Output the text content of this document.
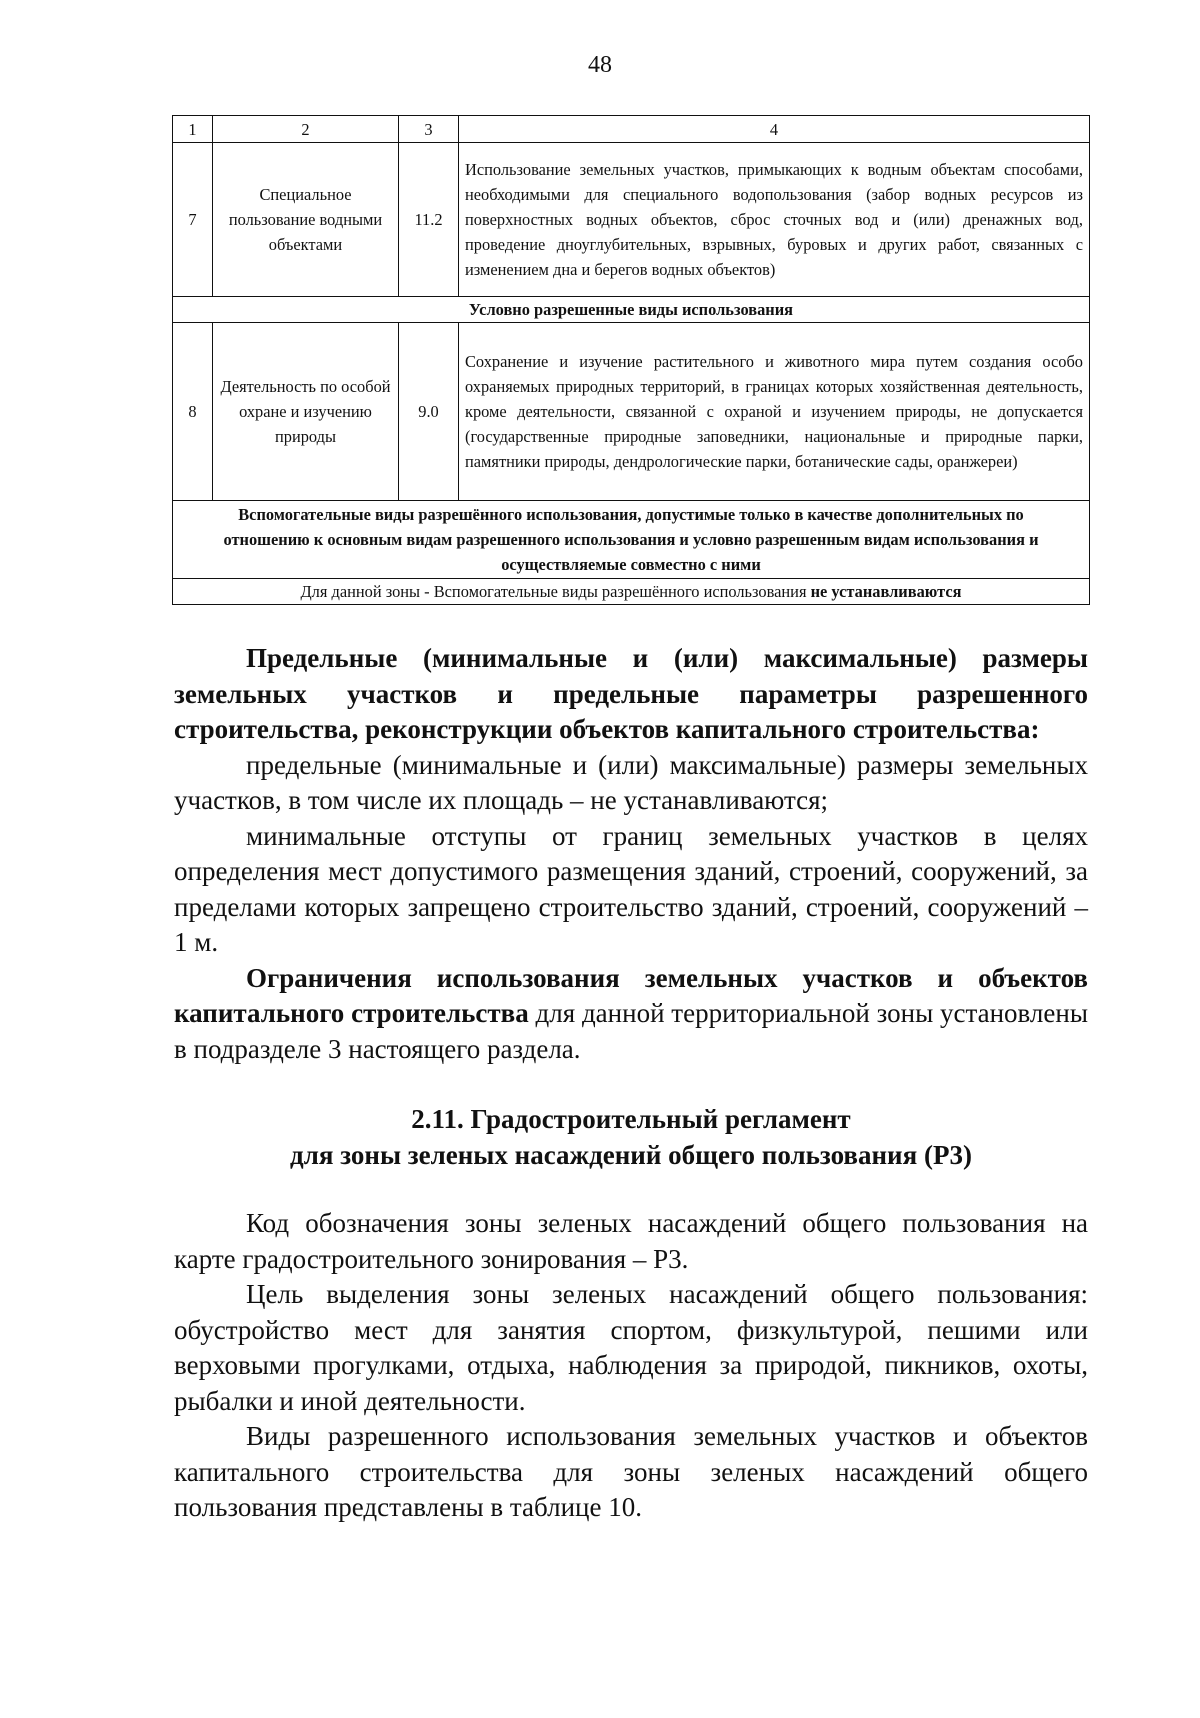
48
1	2	3	4
7	Специальное пользование водными объектами	11.2	Использование земельных участков, примыкающих к водным объектам способами, необходимыми для специального водопользования (забор водных ресурсов из поверхностных водных объектов, сброс сточных вод и (или) дренажных вод, проведение дноуглубительных, взрывных, буровых и других работ, связанных с изменением дна и берегов водных объектов)
Условно разрешенные виды использования			
8	Деятельность по особой охране и изучению природы	9.0	Сохранение и изучение растительного и животного мира путем создания особо охраняемых природных территорий, в границах которых хозяйственная деятельность, кроме деятельности, связанной с охраной и изучением природы, не допускается (государственные природные заповедники, национальные и природные парки, памятники природы, дендрологические парки, ботанические сады, оранжереи)
Вспомогательные виды разрешённого использования, допустимые только в качестве дополнительных по отношению к основным видам разрешенного использования и условно разрешенным видам использования и осуществляемые совместно с ними			
Для данной зоны - Вспомогательные виды разрешённого использования не устанавливаются			

Предельные (минимальные и (или) максимальные) размеры земельных участков и предельные параметры разрешенного строительства, реконструкции объектов капитального строительства:

предельные (минимальные и (или) максимальные) размеры земельных участков, в том числе их площадь – не устанавливаются;

минимальные отступы от границ земельных участков в целях определения мест допустимого размещения зданий, строений, сооружений, за пределами которых запрещено строительство зданий, строений, сооружений – 1 м.

Ограничения использования земельных участков и объектов капитального строительства для данной территориальной зоны установлены в подразделе 3 настоящего раздела.

2.11. Градостроительный регламент

для зоны зеленых насаждений общего пользования (Р3)

Код обозначения зоны зеленых насаждений общего пользования на карте градостроительного зонирования – Р3.

Цель выделения зоны зеленых насаждений общего пользования: обустройство мест для занятия спортом, физкультурой, пешими или верховыми прогулками, отдыха, наблюдения за природой, пикников, охоты, рыбалки и иной деятельности.

Виды разрешенного использования земельных участков и объектов капитального строительства для зоны зеленых насаждений общего пользования представлены в таблице 10.
